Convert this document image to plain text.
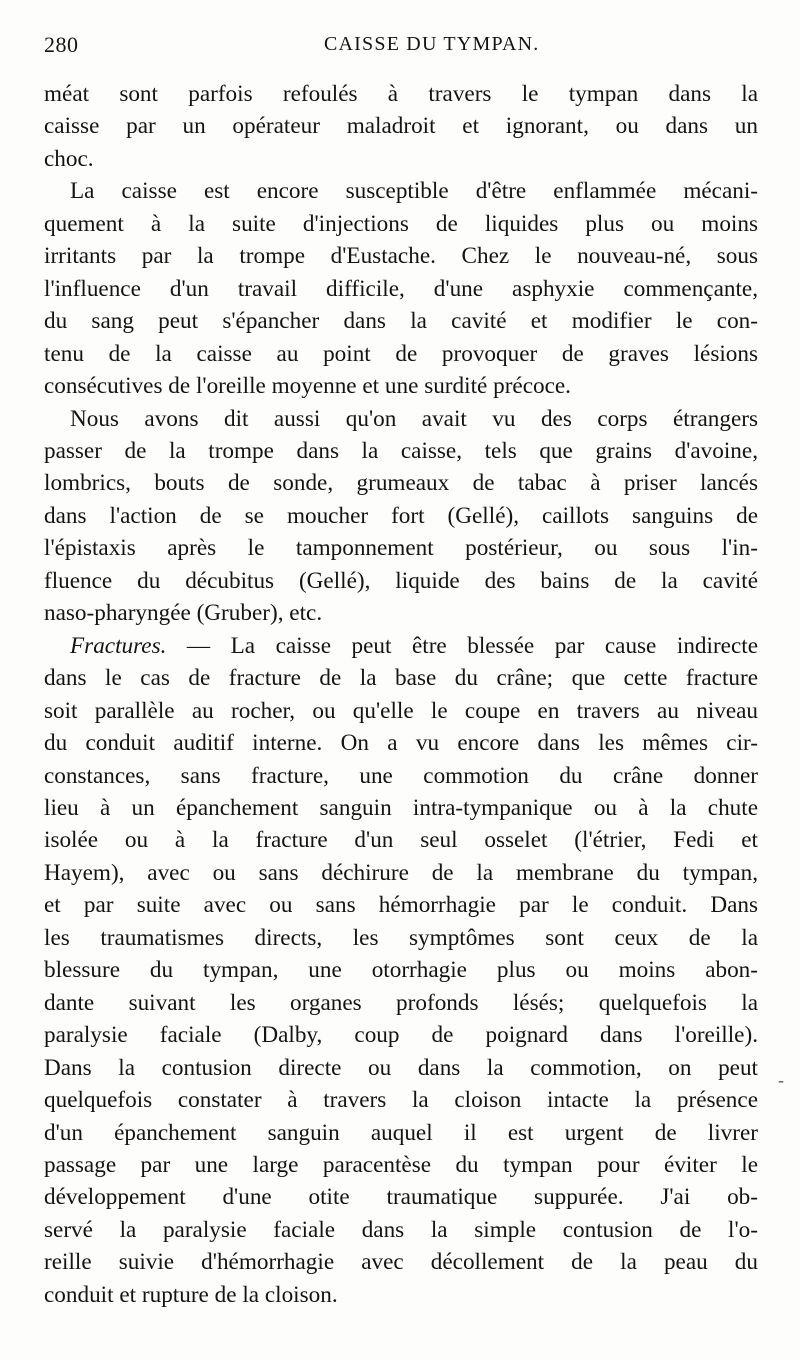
280	CAISSE DU TYMPAN.
méat sont parfois refoulés à travers le tympan dans la
caisse par un opérateur maladroit et ignorant, ou dans un
choc.
La caisse est encore susceptible d'être enflammée mécani-
quement à la suite d'injections de liquides plus ou moins
irritants par la trompe d'Eustache. Chez le nouveau-né, sous
l'influence d'un travail difficile, d'une asphyxie commençante,
du sang peut s'épancher dans la cavité et modifier le con-
tenu de la caisse au point de provoquer de graves lésions
consécutives de l'oreille moyenne et une surdité précoce.
Nous avons dit aussi qu'on avait vu des corps étrangers
passer de la trompe dans la caisse, tels que grains d'avoine,
lombrics, bouts de sonde, grumeaux de tabac à priser lancés
dans l'action de se moucher fort (Gellé), caillots sanguins de
l'épistaxis après le tamponnement postérieur, ou sous l'in-
fluence du décubitus (Gellé), liquide des bains de la cavité
naso-pharyngée (Gruber), etc.
Fractures. — La caisse peut être blessée par cause indirecte
dans le cas de fracture de la base du crâne; que cette fracture
soit parallèle au rocher, ou qu'elle le coupe en travers au niveau
du conduit auditif interne. On a vu encore dans les mêmes cir-
constances, sans fracture, une commotion du crâne donner
lieu à un épanchement sanguin intra-tympanique ou à la chute
isolée ou à la fracture d'un seul osselet (l'étrier, Fedi et
Hayem), avec ou sans déchirure de la membrane du tympan,
et par suite avec ou sans hémorrhagie par le conduit. Dans
les traumatismes directs, les symptômes sont ceux de la
blessure du tympan, une otorrhagie plus ou moins abon-
dante suivant les organes profonds lésés; quelquefois la
paralysie faciale (Dalby, coup de poignard dans l'oreille).
Dans la contusion directe ou dans la commotion, on peut
quelquefois constater à travers la cloison intacte la présence
d'un épanchement sanguin auquel il est urgent de livrer
passage par une large paracentèse du tympan pour éviter le
développement d'une otite traumatique suppurée. J'ai ob-
servé la paralysie faciale dans la simple contusion de l'o-
reille suivie d'hémorrhagie avec décollement de la peau du
conduit et rupture de la cloison.
-
